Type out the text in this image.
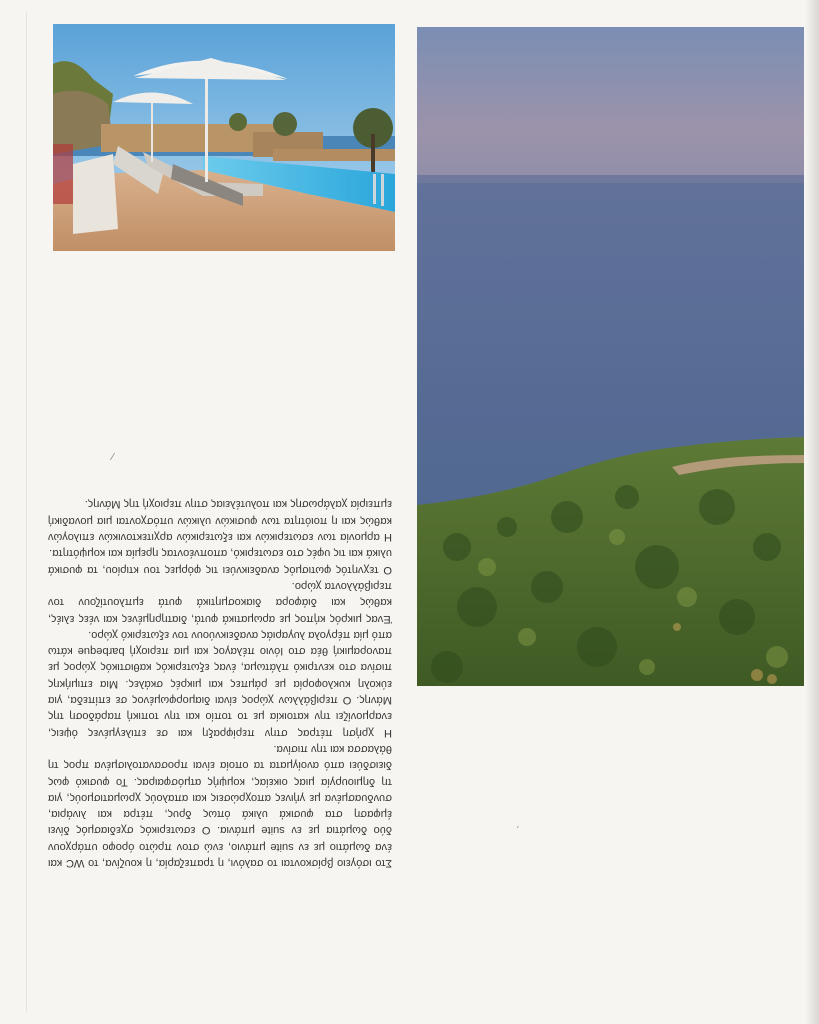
Στο ισόγειο βρίσκονται το σαλόνι, η τραπεζαρία, η κουζίνα, το WC και ένα δωμάτιο με εν suite μπάνιο, ενώ στον πρώτο όροφο υπάρχουν δύο δωμάτια με εν suite μπάνια. Ο εσωτερικός σχεδιασμός δίνει έμφαση στα φυσικά υλικά όπως δρυς, πέτρα και λινάρια, συνδυασμένα με γήινες αποχρώσεις και απαλούς χρωματισμούς, για τη δημιουργία μιας οικείας, κομψής ατμόσφαιρας. Το φυσικό φως διεισδύει από ανοίγματα τα οποία είναι προσανατολισμένα προς τη θάλασσα και την πισίνα.

Η χρήση πέτρας στην περίφραξη και σε επιλεγμένες όψεις, εναρμονίζει την κατοικία με το τοπίο και την τοπική παράδοση της Μάνης. Ο περιβάλλων χώρος είναι διαμορφωμένος σε επίπεδα, για εύκολη κυκλοφορία με ράμπες και μικρές σκάλες. Μια επιμήκης πισίνα στο κεντρικό πλάτωμα, ένας εξωτερικός καθιστικός χώρος με πανοραμική θέα στο Ιόνιο πέλαγος και μια περιοχή barbeque κάτω από μία πέργολα λυγαριάς αναδεικνύουν τον εξωτερικό χώρο.

Ένας μικρός κήπος με αρωματικά φυτά, διατηρημένες και νέες ελιές, καθώς και διάφορα διακοσμητικά φυτά εμπλουτίζουν τον περιβάλλοντα χώρο.

Ο τεχνητός φωτισμός αναδεικνύει τις φόρμες του κτιρίου, τα φυσικά υλικά και τις υφές στο εσωτερικό, αποπνέοντας ηρεμία και κομψότητα.

Η αρμονία των εσωτερικών και εξωτερικών αρχιτεκτονικών επιλογών καθώς και η ποιότητα των φυσικών υλικών υπόσχονται μια μοναδική εμπειρία χαλάρωσης και πολυτέλειας στην περιοχή της Μάνης.

⁄
ˊ
